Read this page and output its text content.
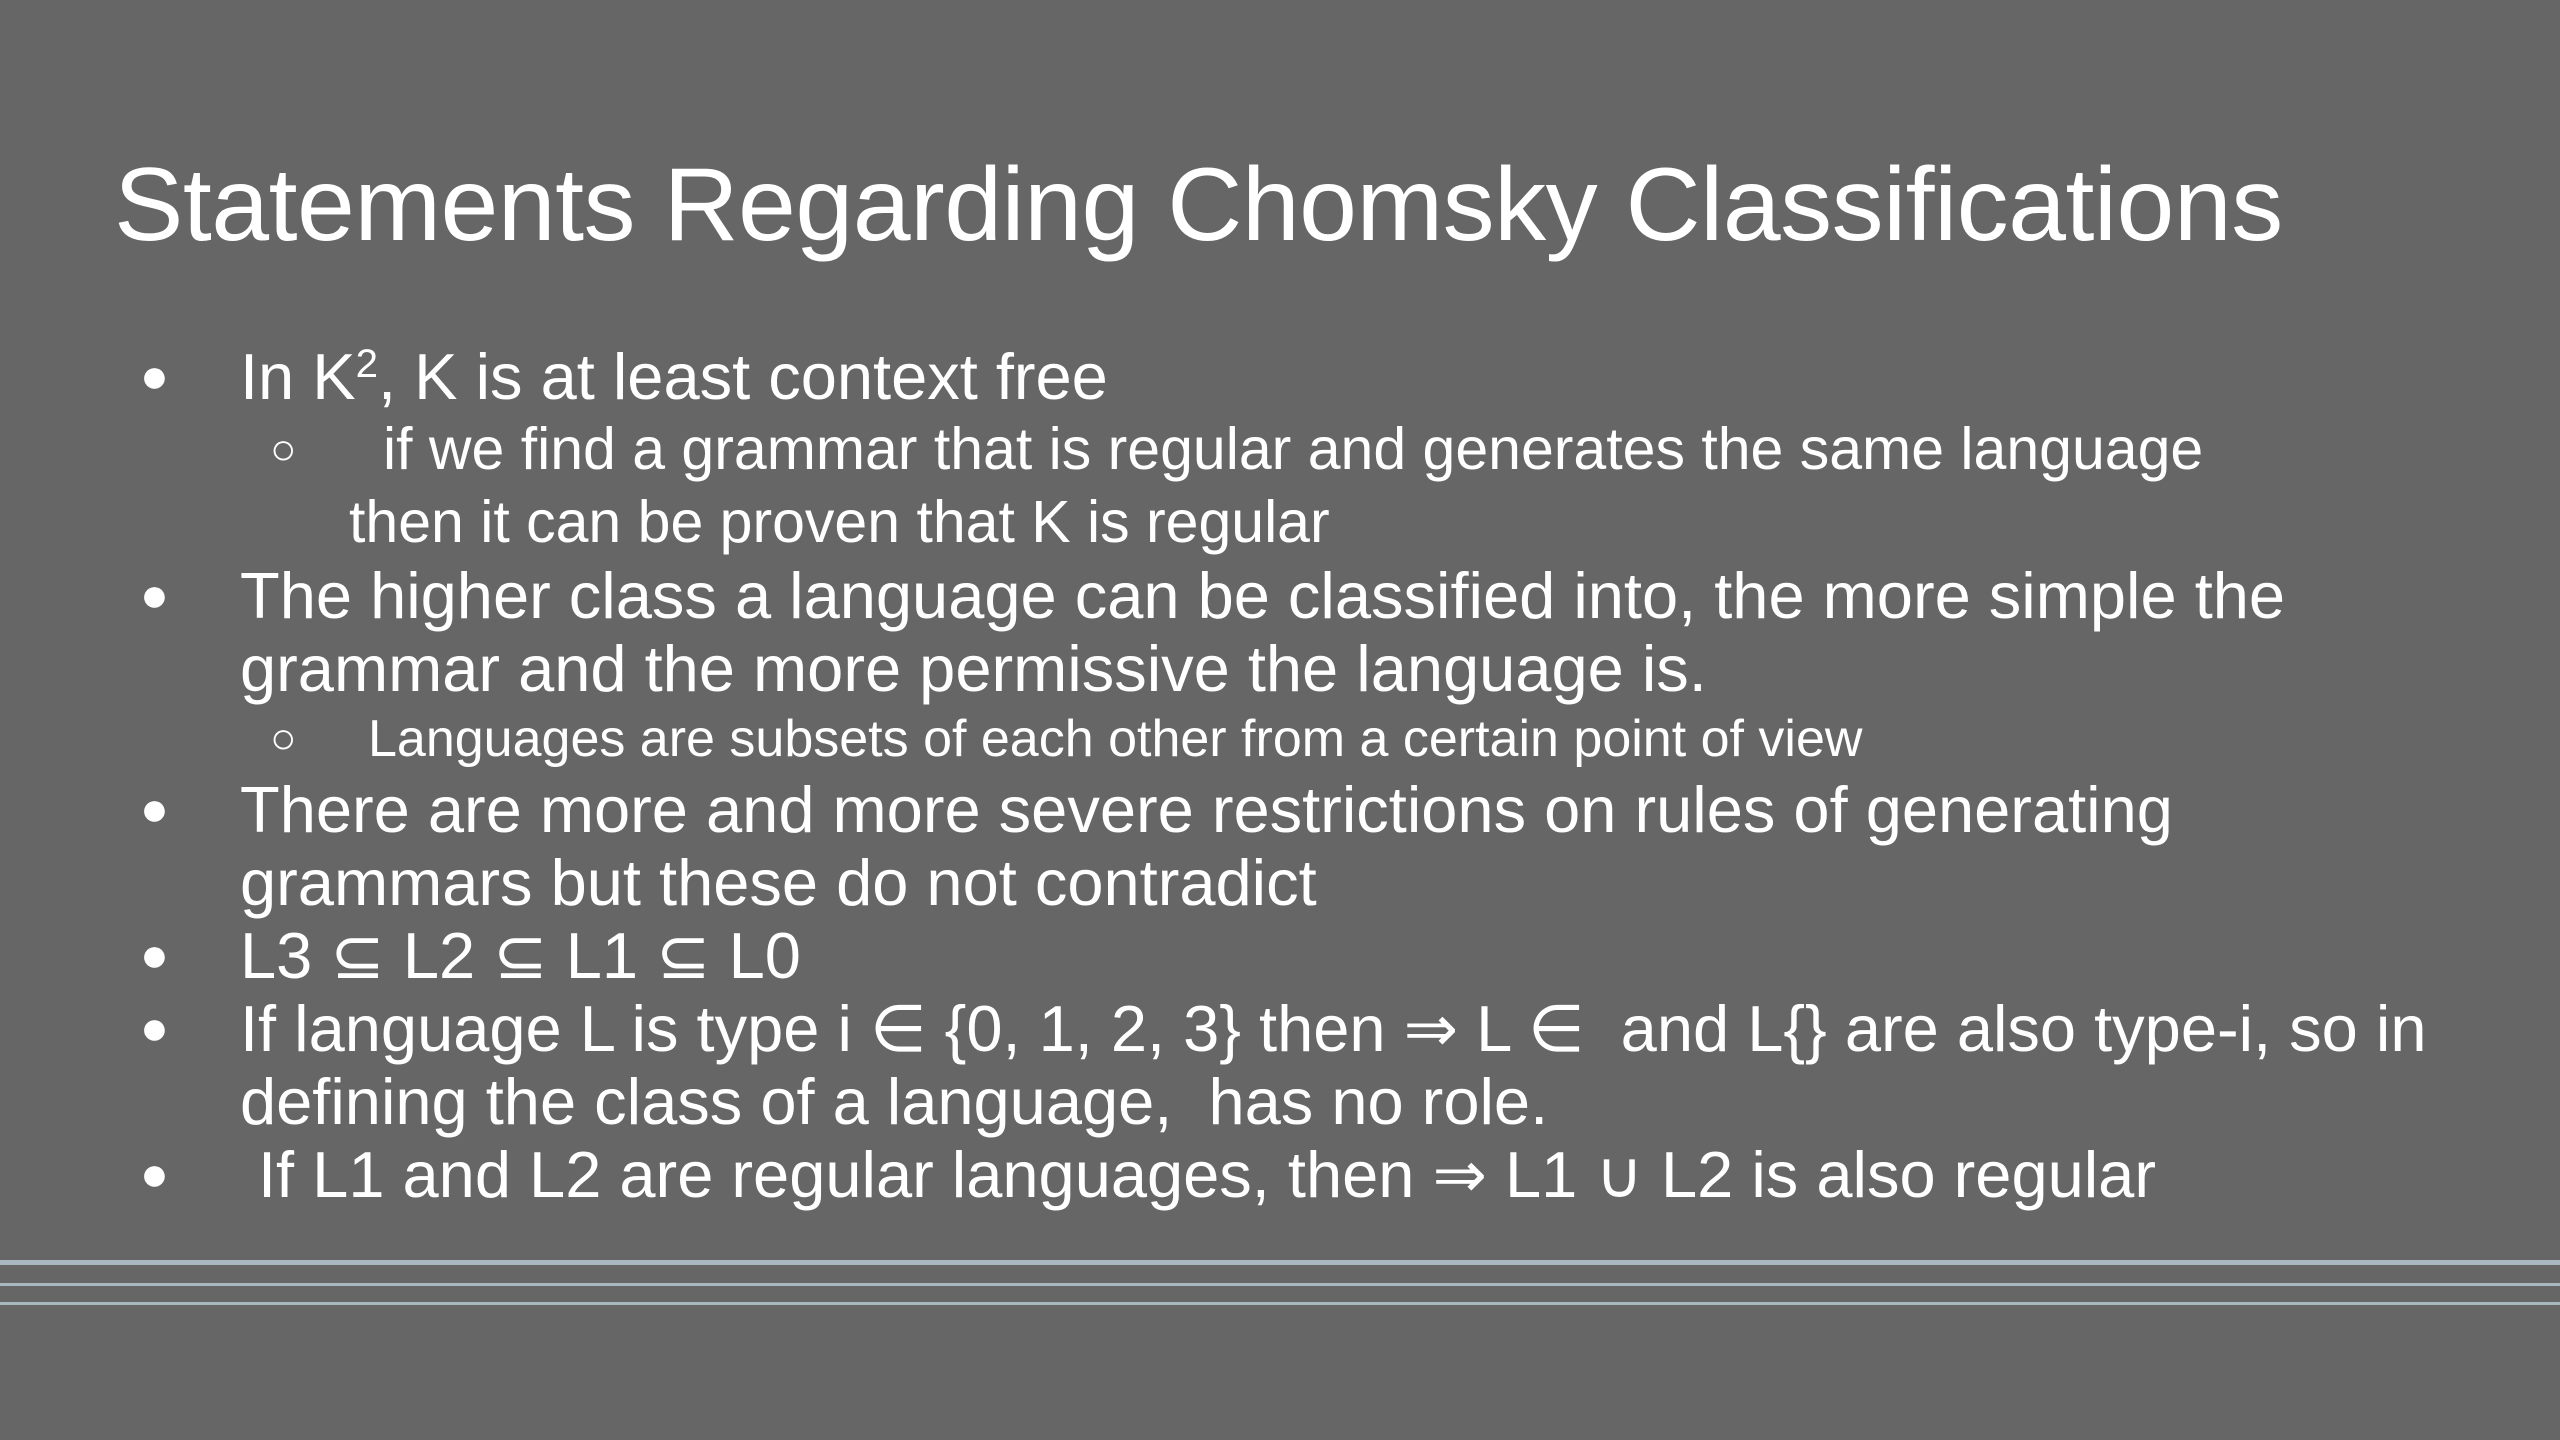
Statements Regarding Chomsky Classifications
●	In $K^2$, K is at least context free
○	if we find a grammar that is regular and generates the same language
then it can be proven that K is regular
●	The higher class a language can be classified into, the more simple the
grammar and the more permissive the language is.
○	Languages are subsets of each other from a certain point of view
●	There are more and more severe restrictions on rules of generating
grammars but these do not contradict
●	L3 ⊆ L2 ⊆ L1 ⊆ L0
●	If language L is type i ∈ {0, 1, 2, 3} then ⇒ L ∈  and L{} are also type-i, so in
defining the class of a language,  has no role.
●	If L1 and L2 are regular languages, then ⇒ L1 ∪ L2 is also regular
